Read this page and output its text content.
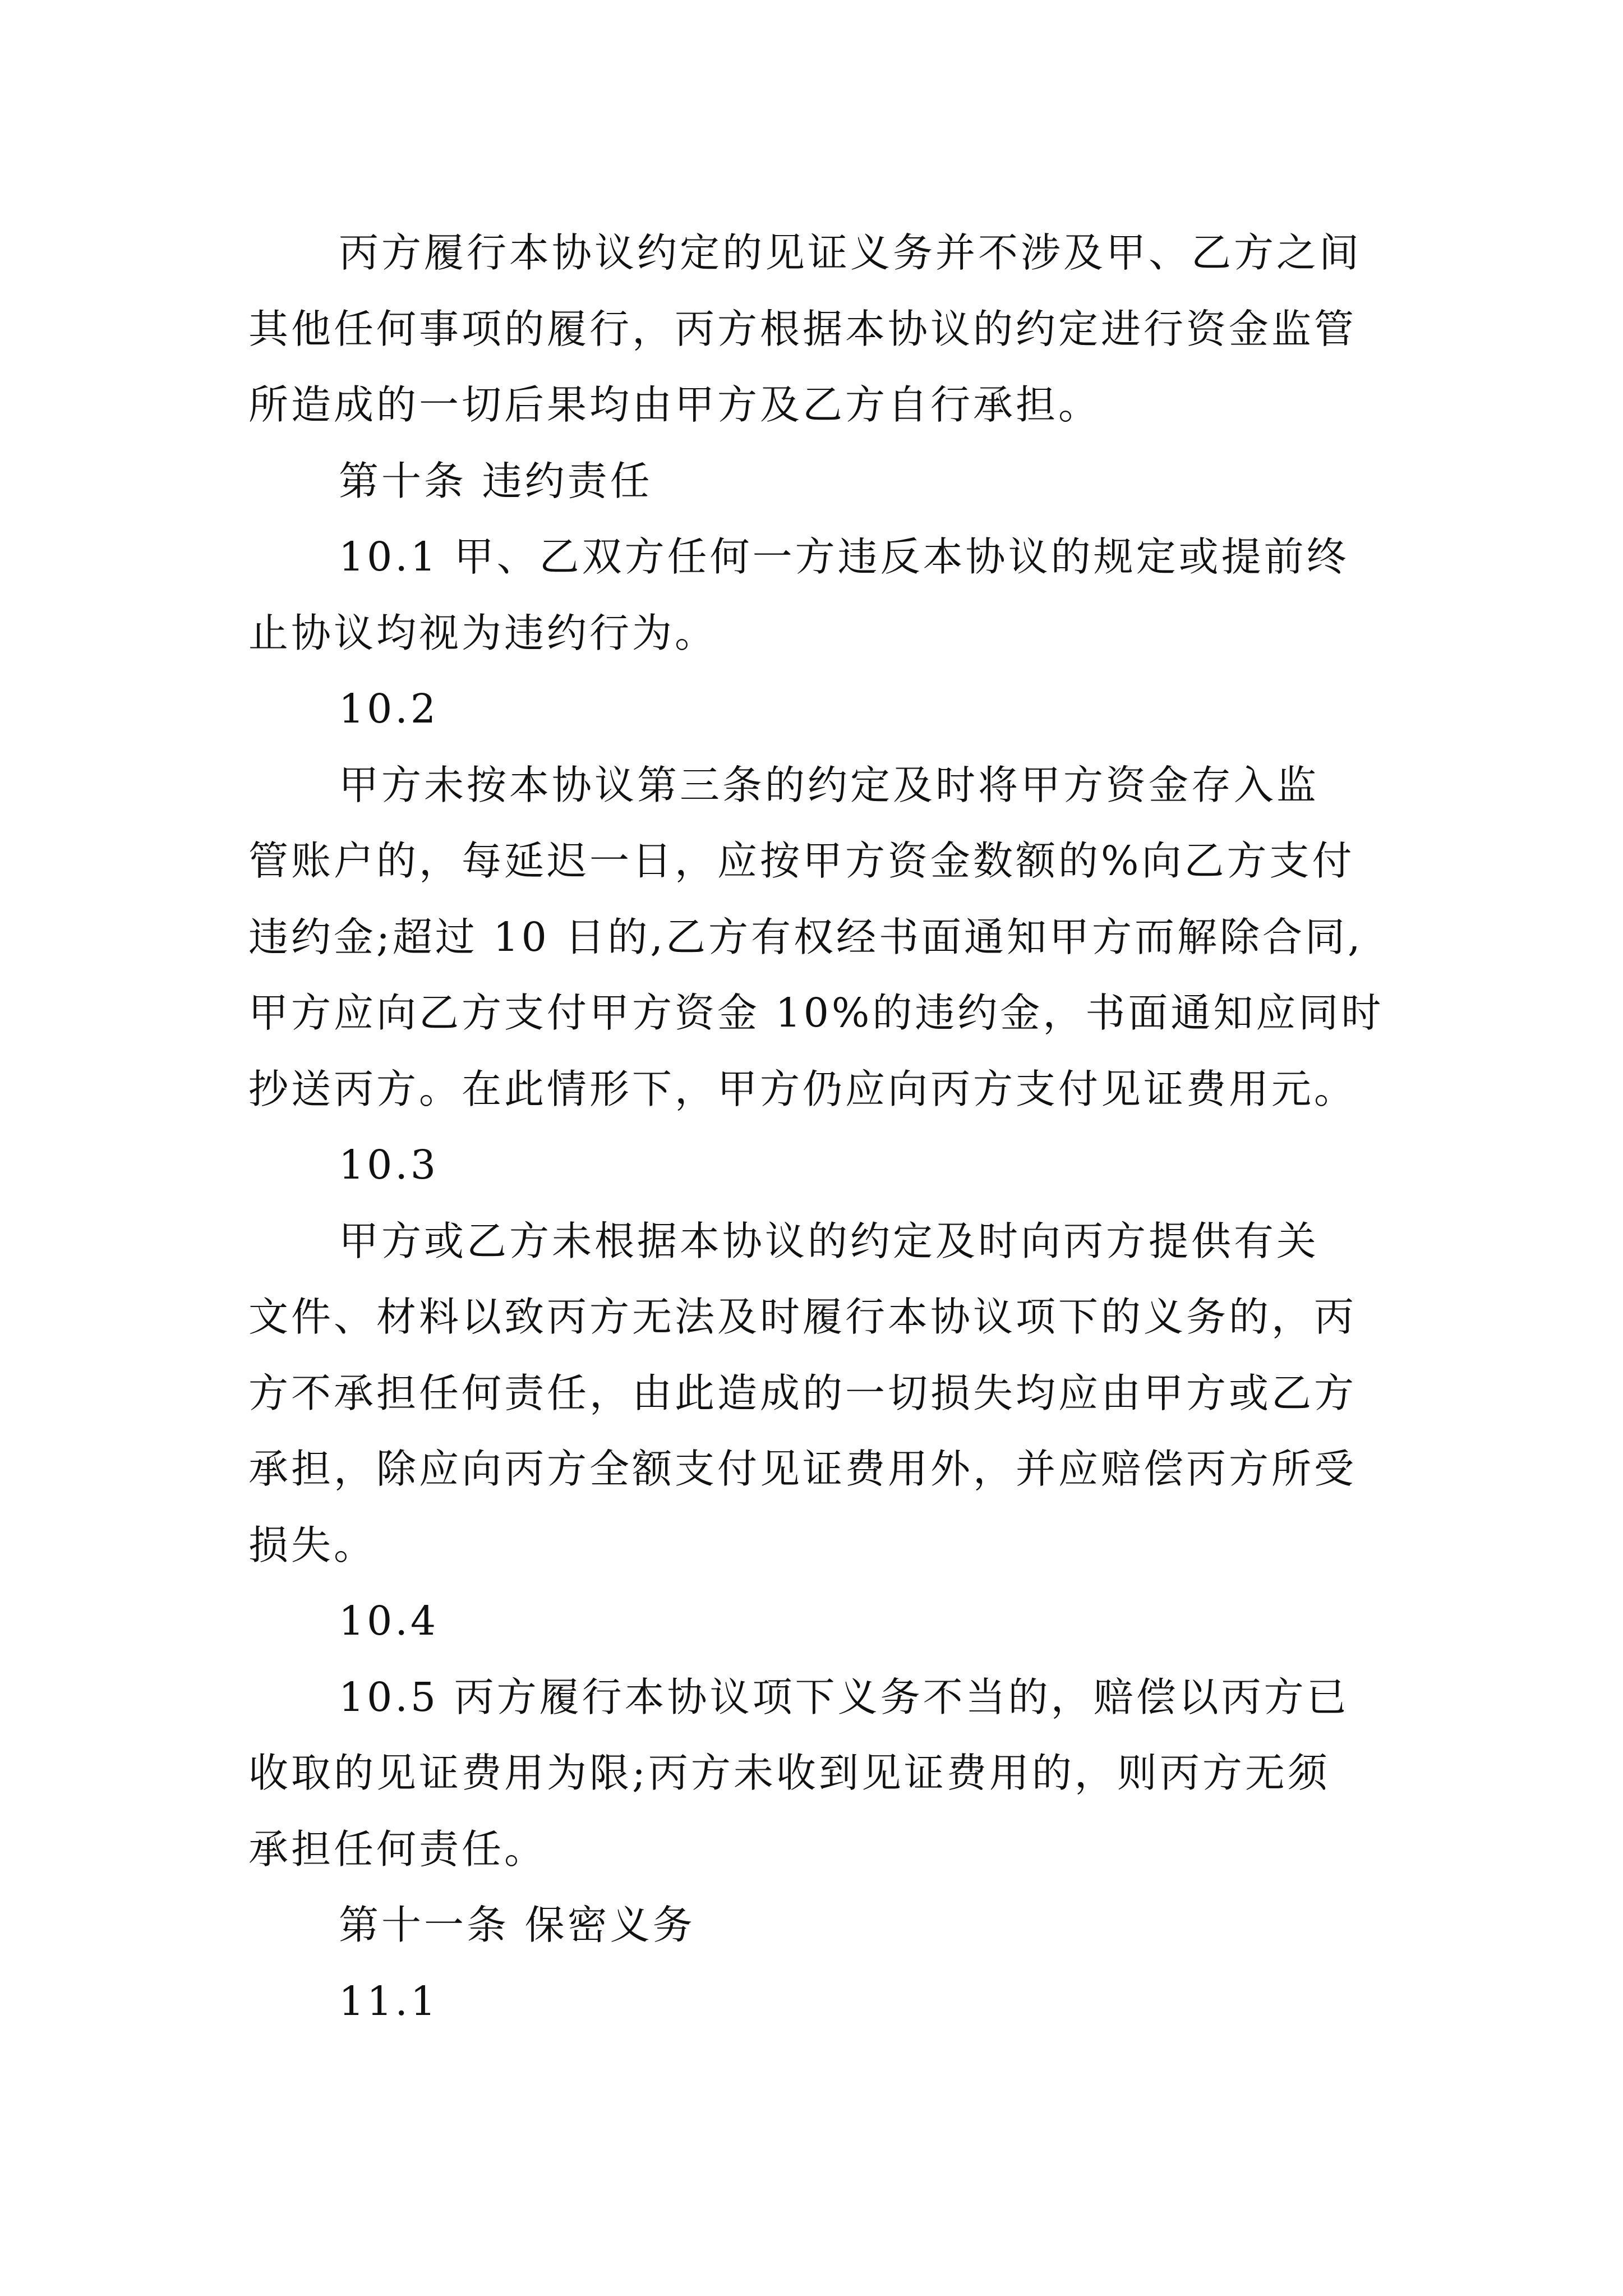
丙方履行本协议约定的见证义务并不涉及甲、乙方之间
其他任何事项的履行，丙方根据本协议的约定进行资金监管
所造成的一切后果均由甲方及乙方自行承担。
第十条 违约责任
10.1 甲、乙双方任何一方违反本协议的规定或提前终
止协议均视为违约行为。
10.2
甲方未按本协议第三条的约定及时将甲方资金存入监
管账户的，每延迟一日，应按甲方资金数额的%向乙方支付
违约金;超过 10 日的,乙方有权经书面通知甲方而解除合同,
甲方应向乙方支付甲方资金 10%的违约金，书面通知应同时
抄送丙方。在此情形下，甲方仍应向丙方支付见证费用元。
10.3
甲方或乙方未根据本协议的约定及时向丙方提供有关
文件、材料以致丙方无法及时履行本协议项下的义务的，丙
方不承担任何责任，由此造成的一切损失均应由甲方或乙方
承担，除应向丙方全额支付见证费用外，并应赔偿丙方所受
损失。
10.4
10.5 丙方履行本协议项下义务不当的，赔偿以丙方已
收取的见证费用为限;丙方未收到见证费用的，则丙方无须
承担任何责任。
第十一条 保密义务
11.1
